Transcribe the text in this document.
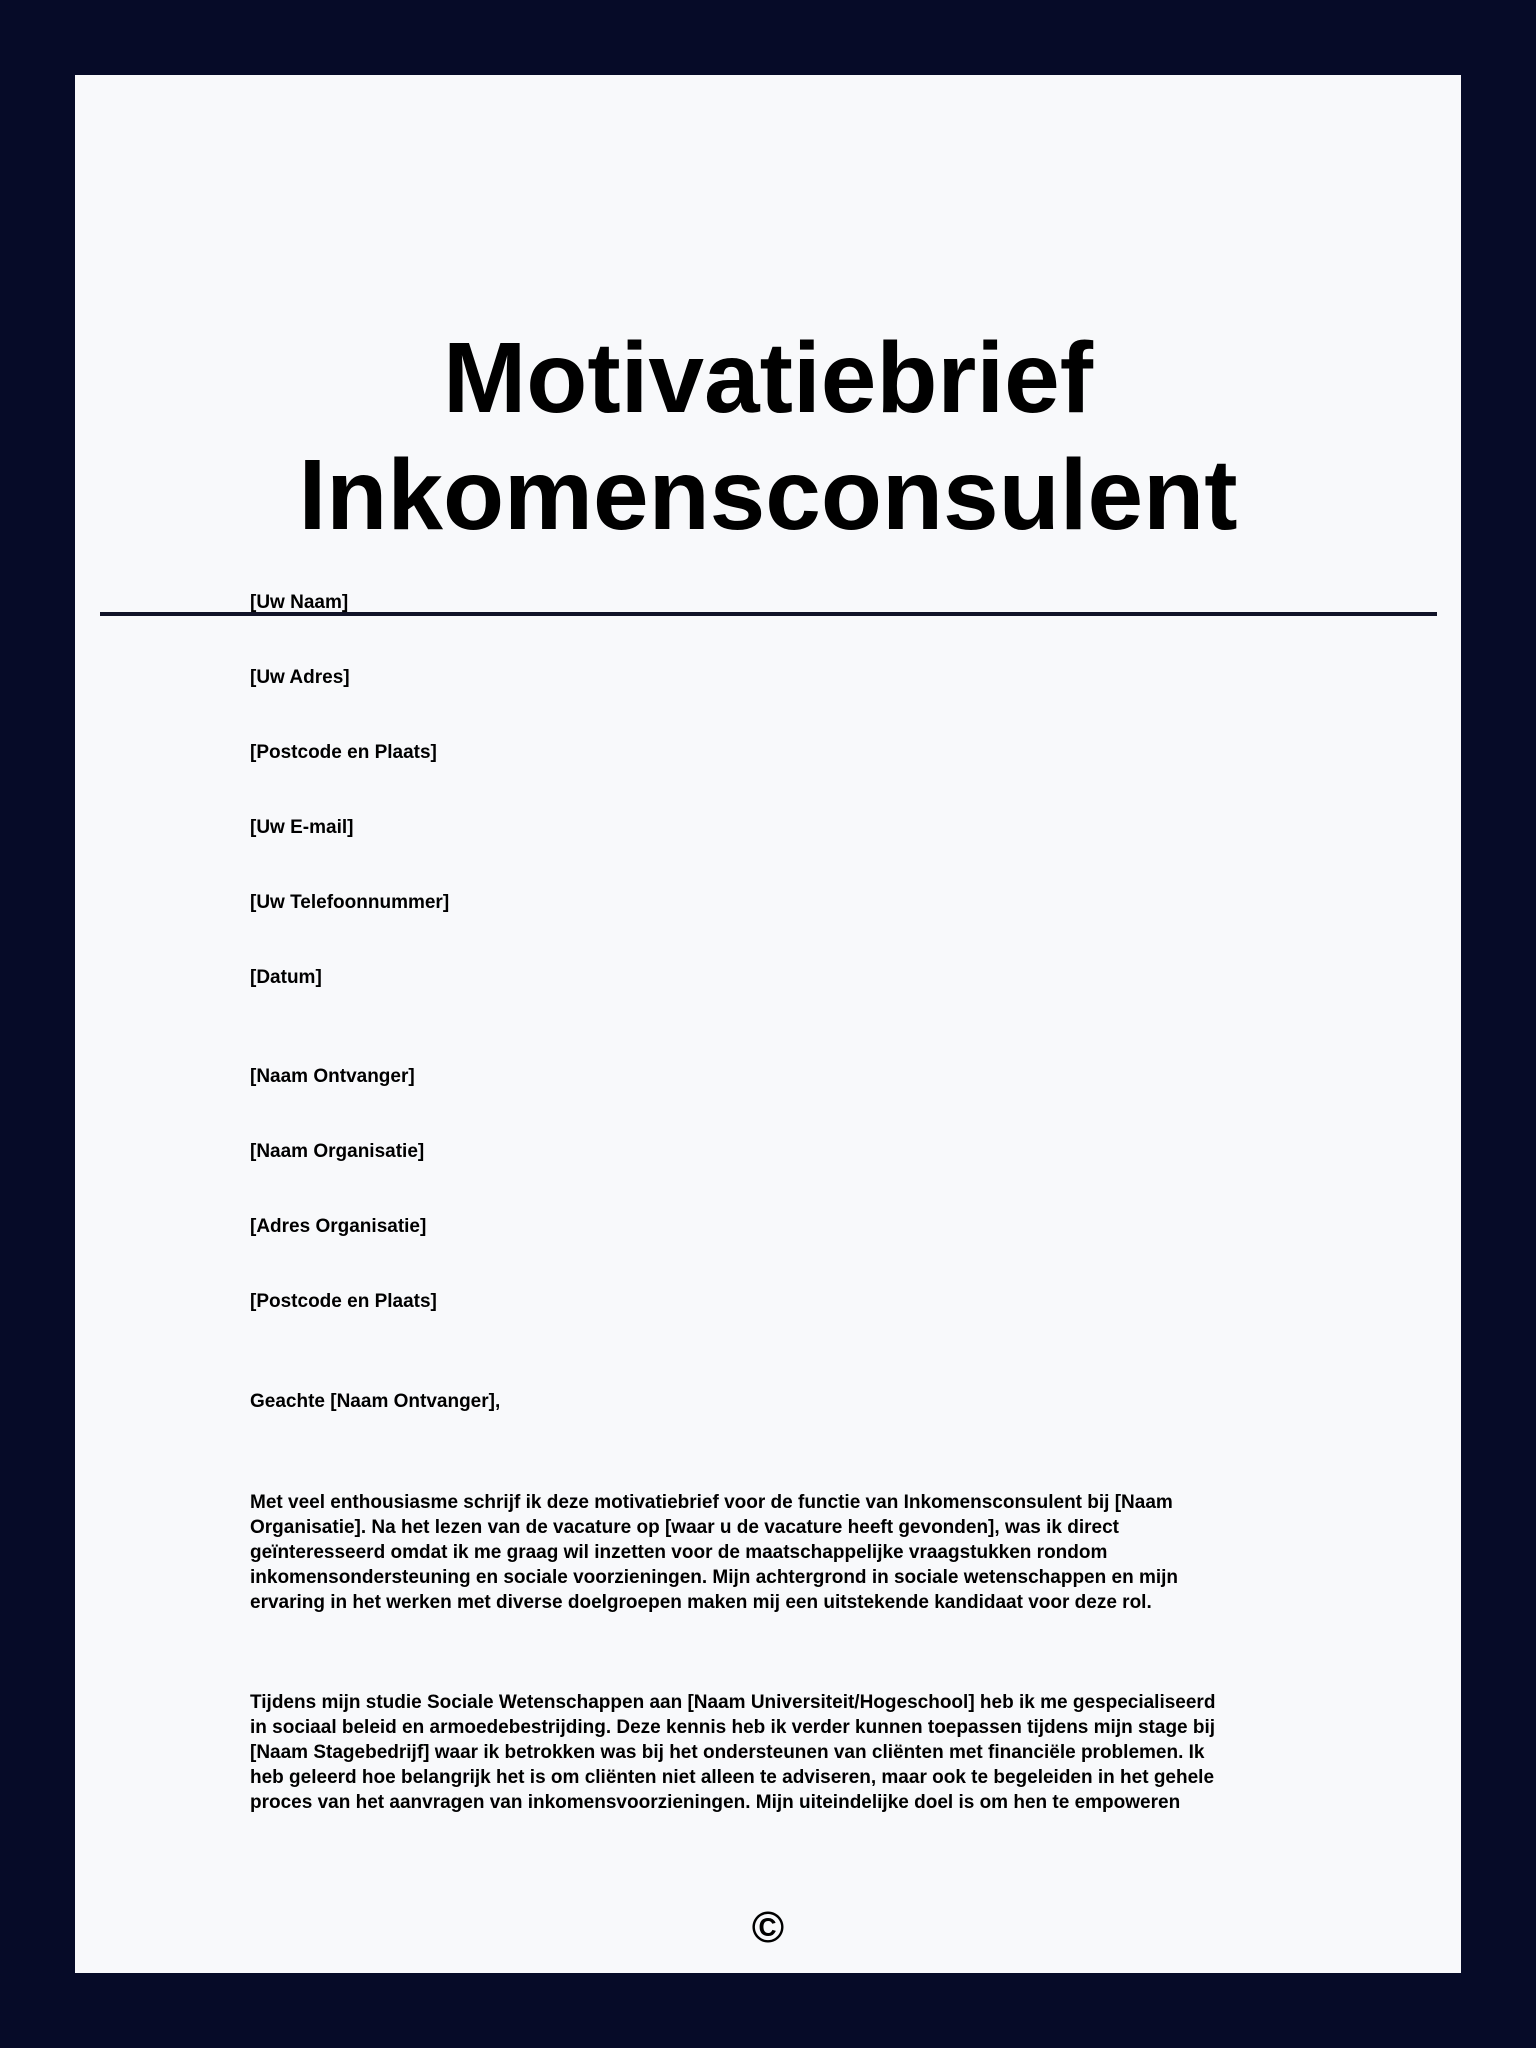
Motivatiebrief
Inkomensconsulent
[Uw Naam]
[Uw Adres]
[Postcode en Plaats]
[Uw E-mail]
[Uw Telefoonnummer]
[Datum]
[Naam Ontvanger]
[Naam Organisatie]
[Adres Organisatie]
[Postcode en Plaats]
Geachte [Naam Ontvanger],
Met veel enthousiasme schrijf ik deze motivatiebrief voor de functie van Inkomensconsulent bij [Naam
Organisatie]. Na het lezen van de vacature op [waar u de vacature heeft gevonden], was ik direct
geïnteresseerd omdat ik me graag wil inzetten voor de maatschappelijke vraagstukken rondom
inkomensondersteuning en sociale voorzieningen. Mijn achtergrond in sociale wetenschappen en mijn
ervaring in het werken met diverse doelgroepen maken mij een uitstekende kandidaat voor deze rol.
Tijdens mijn studie Sociale Wetenschappen aan [Naam Universiteit/Hogeschool] heb ik me gespecialiseerd
in sociaal beleid en armoedebestrijding. Deze kennis heb ik verder kunnen toepassen tijdens mijn stage bij
[Naam Stagebedrijf] waar ik betrokken was bij het ondersteunen van cliënten met financiële problemen. Ik
heb geleerd hoe belangrijk het is om cliënten niet alleen te adviseren, maar ook te begeleiden in het gehele
proces van het aanvragen van inkomensvoorzieningen. Mijn uiteindelijke doel is om hen te empoweren
©
